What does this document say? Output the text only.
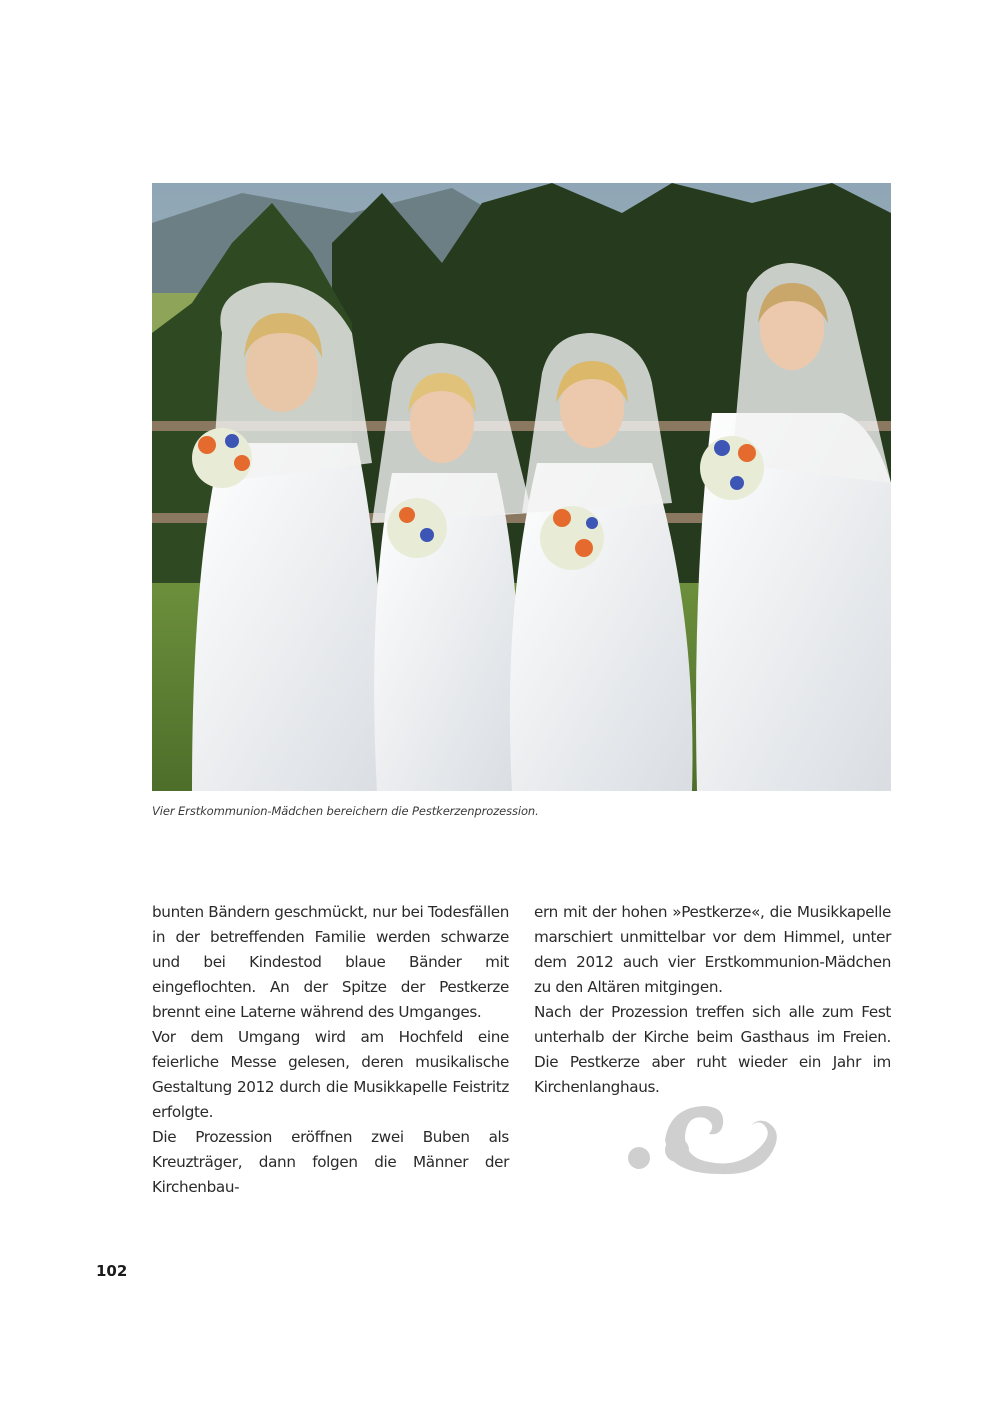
Vier Erstkommunion-Mädchen bereichern die Pestkerzenprozession.

bunten Bändern geschmückt, nur bei Todesfällen in der betreffenden Familie werden schwarze und bei Kindestod blaue Bänder mit eingeflochten. An der Spitze der Pestkerze brennt eine Laterne während des Umganges.

Vor dem Umgang wird am Hochfeld eine feierliche Messe gelesen, deren musikalische Gestaltung 2012 durch die Musikkapelle Feistritz erfolgte.

Die Prozession eröffnen zwei Buben als Kreuzträger, dann folgen die Männer der Kirchenbau-

ern mit der hohen »Pestkerze«, die Musikkapelle marschiert unmittelbar vor dem Himmel, unter dem 2012 auch vier Erstkommunion-Mädchen zu den Altären mitgingen.

Nach der Prozession treffen sich alle zum Fest unterhalb der Kirche beim Gasthaus im Freien. Die Pestkerze aber ruht wieder ein Jahr im Kirchenlanghaus.

102
